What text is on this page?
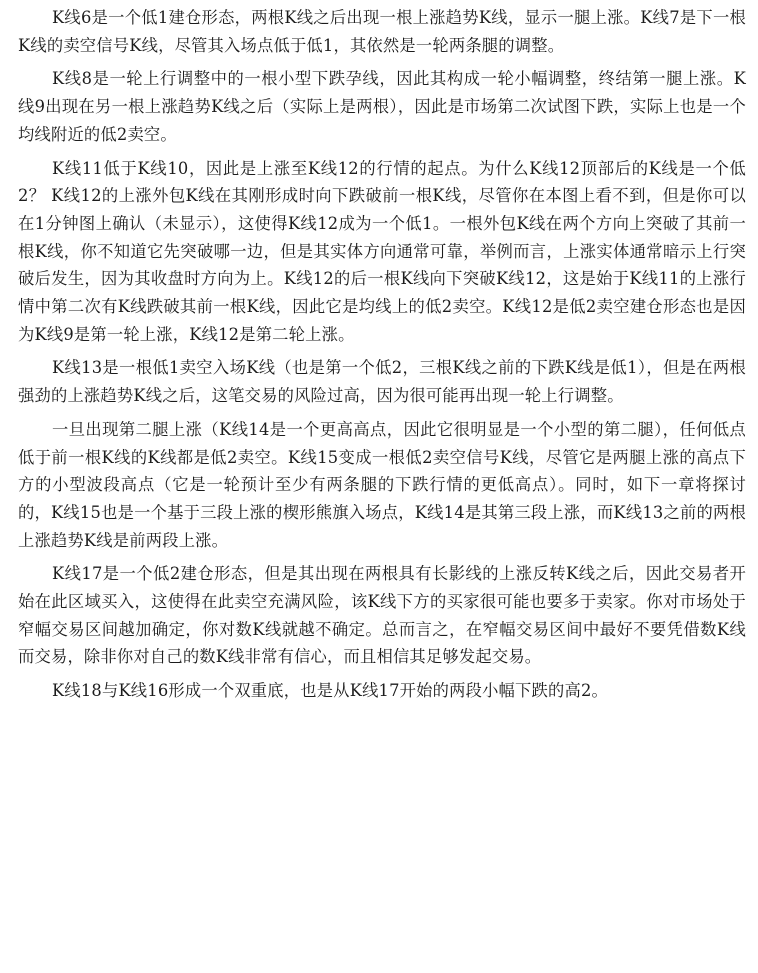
K线6是一个低1建仓形态，两根K线之后出现一根上涨趋势K线，显示一腿上涨。K线7是下一根K线的卖空信号K线，尽管其入场点低于低1，其依然是一轮两条腿的调整。

K线8是一轮上行调整中的一根小型下跌孕线，因此其构成一轮小幅调整，终结第一腿上涨。K线9出现在另一根上涨趋势K线之后（实际上是两根），因此是市场第二次试图下跌，实际上也是一个均线附近的低2卖空。

K线11低于K线10，因此是上涨至K线12的行情的起点。为什么K线12顶部后的K线是一个低2？ K线12的上涨外包K线在其刚形成时向下跌破前一根K线，尽管你在本图上看不到，但是你可以在1分钟图上确认（未显示），这使得K线12成为一个低1。一根外包K线在两个方向上突破了其前一根K线，你不知道它先突破哪一边，但是其实体方向通常可靠，举例而言，上涨实体通常暗示上行突破后发生，因为其收盘时方向为上。K线12的后一根K线向下突破K线12，这是始于K线11的上涨行情中第二次有K线跌破其前一根K线，因此它是均线上的低2卖空。K线12是低2卖空建仓形态也是因为K线9是第一轮上涨，K线12是第二轮上涨。

K线13是一根低1卖空入场K线（也是第一个低2，三根K线之前的下跌K线是低1），但是在两根强劲的上涨趋势K线之后，这笔交易的风险过高，因为很可能再出现一轮上行调整。

一旦出现第二腿上涨（K线14是一个更高高点，因此它很明显是一个小型的第二腿），任何低点低于前一根K线的K线都是低2卖空。K线15变成一根低2卖空信号K线，尽管它是两腿上涨的高点下方的小型波段高点（它是一轮预计至少有两条腿的下跌行情的更低高点）。同时，如下一章将探讨的，K线15也是一个基于三段上涨的楔形熊旗入场点，K线14是其第三段上涨，而K线13之前的两根上涨趋势K线是前两段上涨。

K线17是一个低2建仓形态，但是其出现在两根具有长影线的上涨反转K线之后，因此交易者开始在此区域买入，这使得在此卖空充满风险，该K线下方的买家很可能也要多于卖家。你对市场处于窄幅交易区间越加确定，你对数K线就越不确定。总而言之，在窄幅交易区间中最好不要凭借数K线而交易，除非你对自己的数K线非常有信心，而且相信其足够发起交易。

K线18与K线16形成一个双重底，也是从K线17开始的两段小幅下跌的高2。
